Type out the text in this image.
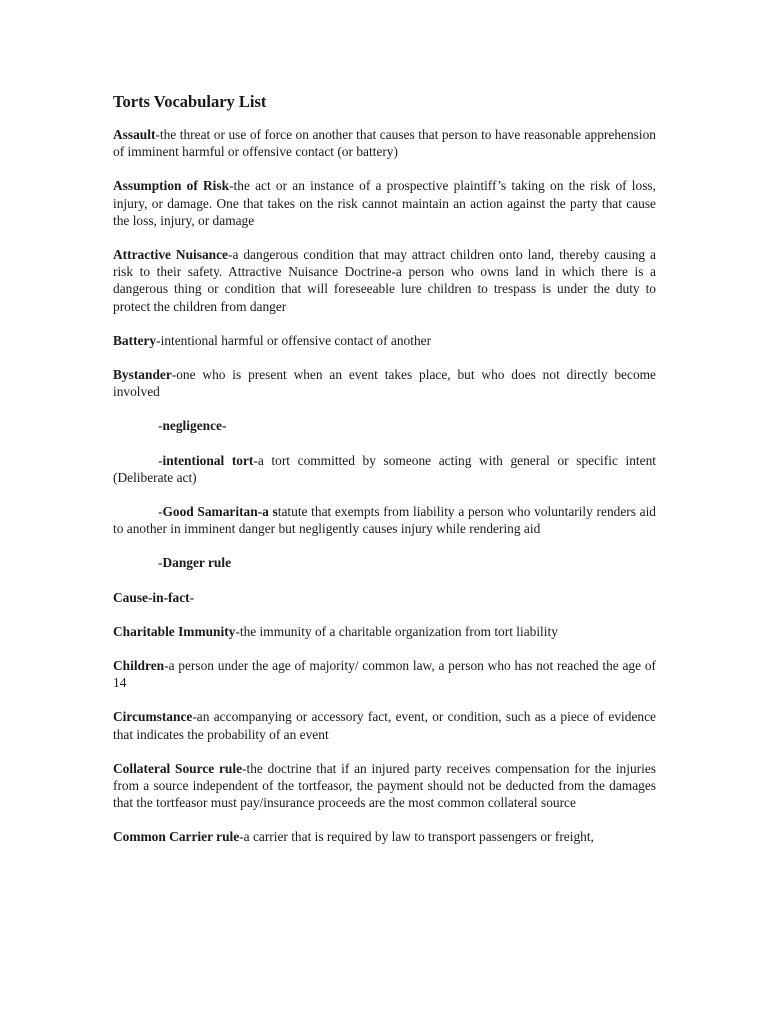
Torts Vocabulary List

Assault-the threat or use of force on another that causes that person to have reasonable apprehension of imminent harmful or offensive contact (or battery)

Assumption of Risk-the act or an instance of a prospective plaintiff’s taking on the risk of loss, injury, or damage. One that takes on the risk cannot maintain an action against the party that cause the loss, injury, or damage

Attractive Nuisance-a dangerous condition that may attract children onto land, thereby causing a risk to their safety. Attractive Nuisance Doctrine-a person who owns land in which there is a dangerous thing or condition that will foreseeable lure children to trespass is under the duty to protect the children from danger

Battery-intentional harmful or offensive contact of another

Bystander-one who is present when an event takes place, but who does not directly become involved

-negligence-

-intentional tort-a tort committed by someone acting with general or specific intent (Deliberate act)

-Good Samaritan-a statute that exempts from liability a person who voluntarily renders aid to another in imminent danger but negligently causes injury while rendering aid

-Danger rule

Cause-in-fact-

Charitable Immunity-the immunity of a charitable organization from tort liability

Children-a person under the age of majority/ common law, a person who has not reached the age of 14

Circumstance-an accompanying or accessory fact, event, or condition, such as a piece of evidence that indicates the probability of an event

Collateral Source rule-the doctrine that if an injured party receives compensation for the injuries from a source independent of the tortfeasor, the payment should not be deducted from the damages that the tortfeasor must pay/insurance proceeds are the most common collateral source

Common Carrier rule-a carrier that is required by law to transport passengers or freight,
